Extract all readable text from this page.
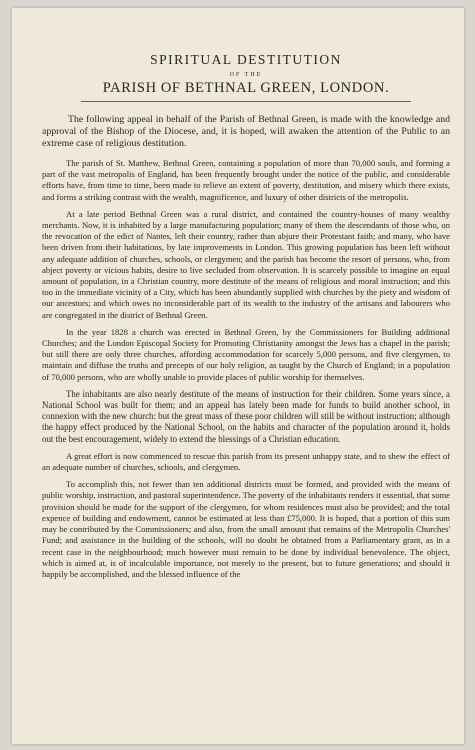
SPIRITUAL DESTITUTION
OF THE
PARISH OF BETHNAL GREEN, LONDON.

The following appeal in behalf of the Parish of Bethnal Green, is made with the knowledge and approval of the Bishop of the Diocese, and, it is hoped, will awaken the attention of the Public to an extreme case of religious destitution.

The parish of St. Matthew, Bethnal Green, containing a population of more than 70,000 souls, and forming a part of the vast metropolis of England, has been frequently brought under the notice of the public, and considerable efforts have, from time to time, been made to relieve an extent of poverty, destitution, and misery which there exists, and forms a striking contrast with the wealth, magnificence, and luxury of other districts of the metropolis.

At a late period Bethnal Green was a rural district, and contained the country-houses of many wealthy merchants. Now, it is inhabited by a large manufacturing population; many of them the descendants of those who, on the revocation of the edict of Nantes, left their country, rather than abjure their Protestant faith; and many, who have been driven from their habitations, by late improvements in London. This growing population has been left without any adequate addition of churches, schools, or clergymen; and the parish has become the resort of persons, who, from abject poverty or vicious habits, desire to live secluded from observation. It is scarcely possible to imagine an equal amount of population, in a Christian country, more destitute of the means of religious and moral instruction; and this too in the immediate vicinity of a City, which has been abundantly supplied with churches by the piety and wisdom of our ancestors; and which owes no inconsiderable part of its wealth to the industry of the artisans and labourers who are congregated in the district of Bethnal Green.

In the year 1828 a church was erected in Bethnal Green, by the Commissioners for Building additional Churches; and the London Episcopal Society for Promoting Christianity amongst the Jews has a chapel in the parish; but still there are only three churches, affording accommodation for scarcely 5,000 persons, and five clergymen, to maintain and diffuse the truths and precepts of our holy religion, as taught by the Church of England; in a population of 70,000 persons, who are wholly unable to provide places of public worship for themselves.

The inhabitants are also nearly destitute of the means of instruction for their children. Some years since, a National School was built for them; and an appeal has lately been made for funds to build another school, in connexion with the new church: but the great mass of these poor children will still be without instruction; although the happy effect produced by the National School, on the habits and character of the population around it, holds out the best encouragement, widely to extend the blessings of a Christian education.

A great effort is now commenced to rescue this parish from its present unhappy state, and to shew the effect of an adequate number of churches, schools, and clergymen.

To accomplish this, not fewer than ten additional districts must be formed, and provided with the means of public worship, instruction, and pastoral superintendence. The poverty of the inhabitants renders it essential, that some provision should be made for the support of the clergymen, for whom residences must also be provided; and the total expence of building and endowment, cannot be estimated at less than £75,000. It is hoped, that a portion of this sum may be contributed by the Commissioners; and also, from the small amount that remains of the Metropolis Churches' Fund; and assistance in the building of the schools, will no doubt be obtained from a Parliamentary grant, as in a recent case in the neighbourhood; much however must remain to be done by individual benevolence. The object, which is aimed at, is of incalculable importance, not merely to the present, but to future generations; and should it happily be accomplished, and the blessed influence of the
